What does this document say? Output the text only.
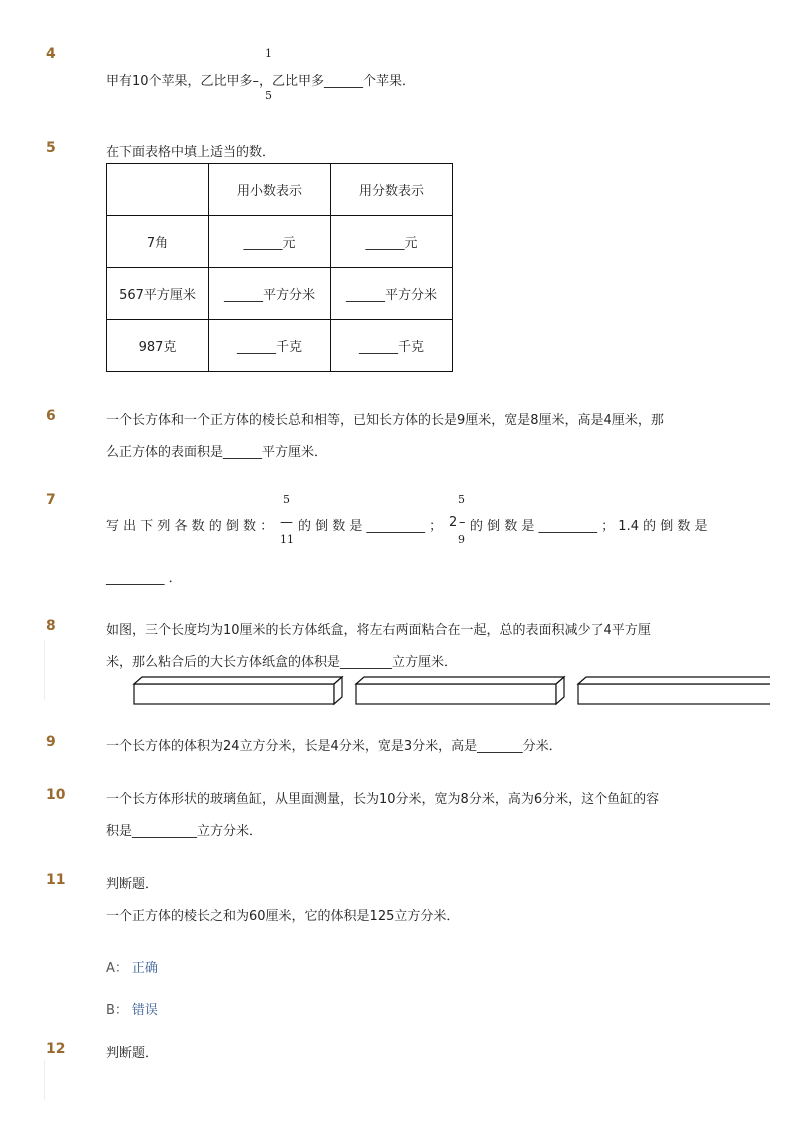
4
甲有10个苹果，乙比甲多–，乙比甲多______个苹果．
1
5
5	在下面表格中填上适当的数．
	用小数表示	用分数表示
7角	______元	______元
567平方厘米	______平方分米	______平方分米
987克	______千克	______千克
6	一个长方体和一个正方体的棱长总和相等，已知长方体的长是9厘米，宽是8厘米，高是4厘米，那
么正方体的表面积是______平方厘米．
7
写 出 下 列 各 数 的 倒 数 ： —
5
11
的 倒 数 是 _________ ； 2 –
5
9
的 倒 数 是 _________ ； 1.4 的 倒 数 是
_________ ．
8	如图，三个长度均为10厘米的长方体纸盒，将左右两面粘合在一起，总的表面积减少了4平方厘
米，那么粘合后的大长方体纸盒的体积是________立方厘米．
9	一个长方体的体积为24立方分米，长是4分米，宽是3分米，高是_______分米．
10	一个长方体形状的玻璃鱼缸，从里面测量，长为10分米，宽为8分米，高为6分米，这个鱼缸的容
积是__________立方分米．
11	判断题．
一个正方体的棱长之和为60厘米，它的体积是125立方分米．
A： 正确
B： 错误
12	判断题．
